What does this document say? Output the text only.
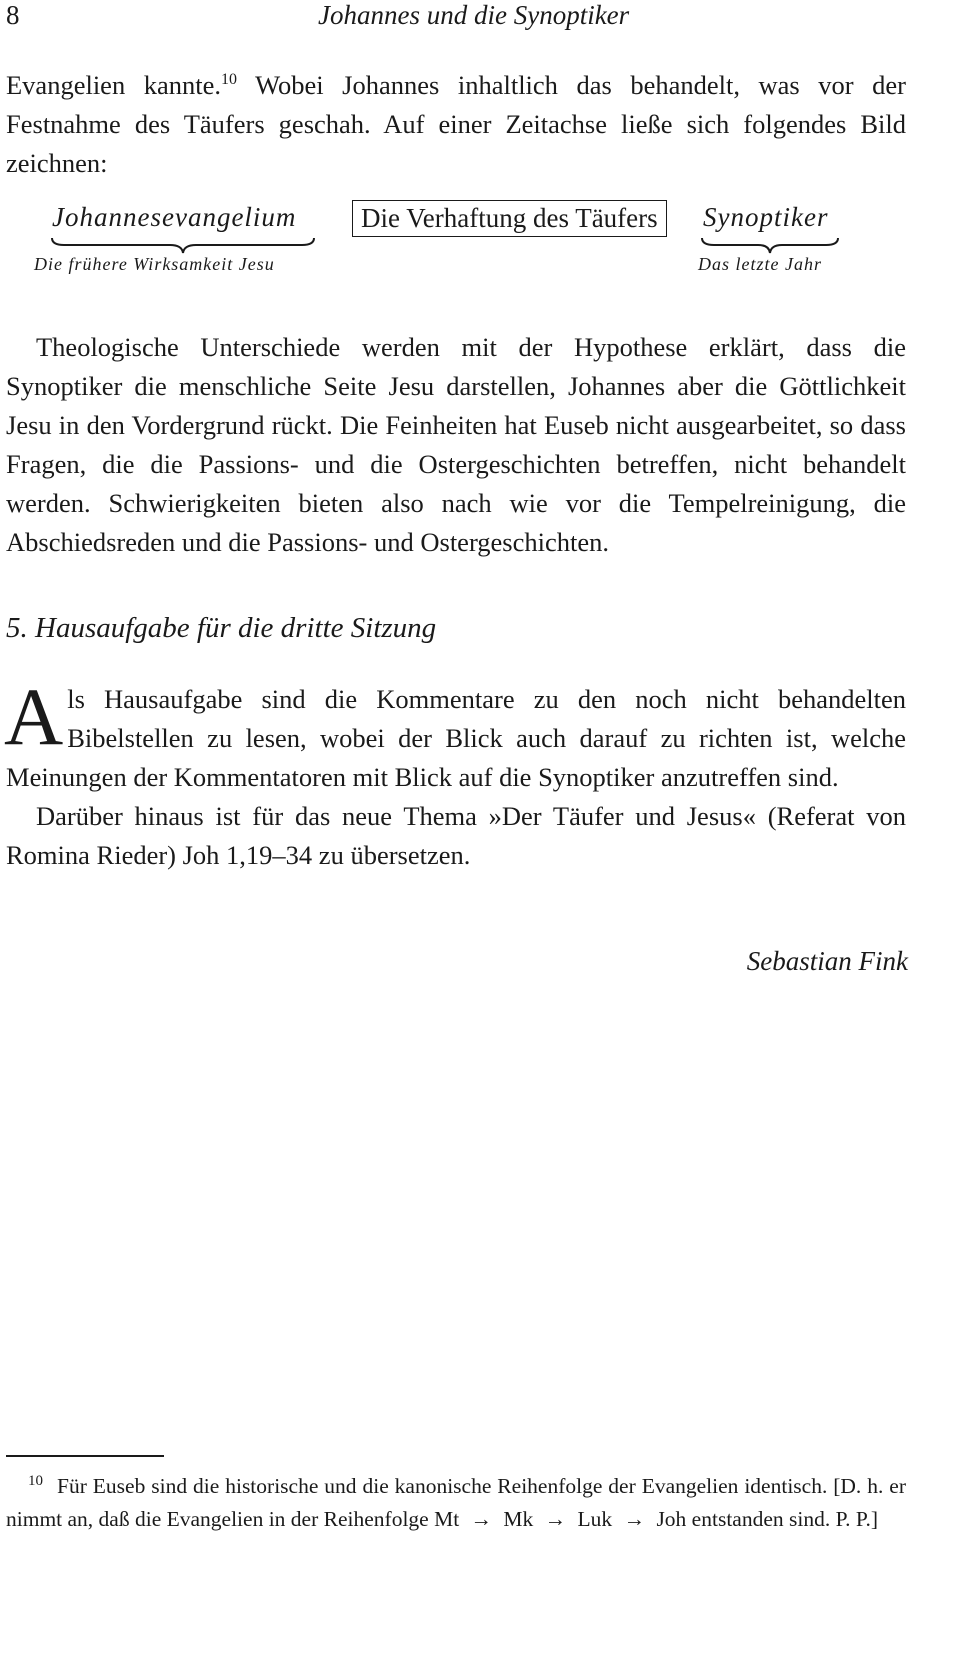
8	Johannes und die Synoptiker

Evangelien kannte.$^{10}$ Wobei Johannes inhaltlich das behandelt, was vor der Festnahme des Täufers geschah. Auf einer Zeitachse ließe sich folgendes Bild zeichnen:

Johannesevangelium
Die frühere Wirksamkeit Jesu
Die Verhaftung des Täufers	Synoptiker
Das letzte Jahr

Theologische Unterschiede werden mit der Hypothese erklärt, dass die Synoptiker die menschliche Seite Jesu darstellen, Johannes aber die Göttlichkeit Jesu in den Vordergrund rückt. Die Feinheiten hat Euseb nicht ausgearbeitet, so dass Fragen, die die Passions- und die Ostergeschichten betreffen, nicht behandelt werden. Schwierigkeiten bieten also nach wie vor die Tempelreinigung, die Abschiedsreden und die Passions- und Ostergeschichten.

5. Hausaufgabe für die dritte Sitzung

Als Hausaufgabe sind die Kommentare zu den noch nicht behandelten Bibelstellen zu lesen, wobei der Blick auch darauf zu richten ist, welche Meinungen der Kommentatoren mit Blick auf die Synoptiker anzutreffen sind.

Darüber hinaus ist für das neue Thema »Der Täufer und Jesus« (Referat von Romina Rieder) Joh 1,19–34 zu übersetzen.

Sebastian Fink
$^{10}$ Für Euseb sind die historische und die kanonische Reihenfolge der Evangelien identisch. [D. h. er nimmt an, daß die Evangelien in der Reihenfolge Mt → Mk → Luk → Joh entstanden sind. P. P.]
